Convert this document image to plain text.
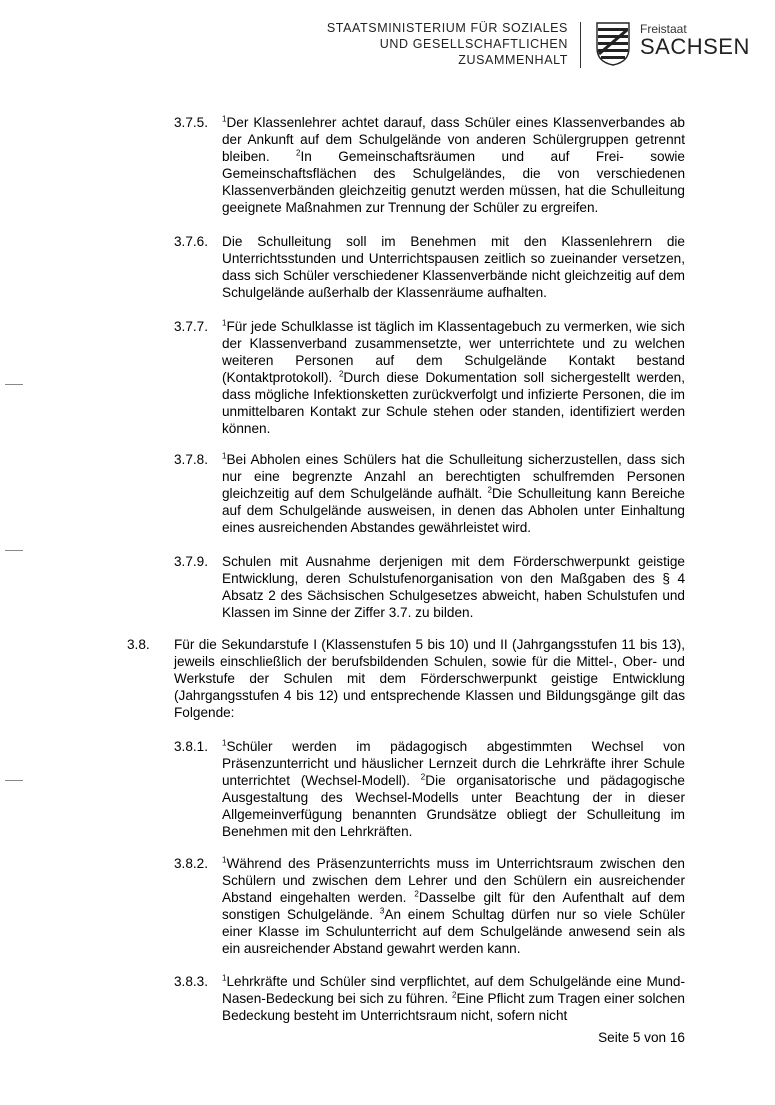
STAATSMINISTERIUM FÜR SOZIALES
UND GESELLSCHAFTLICHEN
ZUSAMMENHALT
Freistaat
SACHSEN
3.7.5. $^1$Der Klassenlehrer achtet darauf, dass Schüler eines Klassenverbandes ab der Ankunft auf dem Schulgelände von anderen Schülergruppen getrennt bleiben. $^2$In Gemeinschaftsräumen und auf Frei- sowie Gemeinschaftsflächen des Schulgeländes, die von verschiedenen Klassenverbänden gleichzeitig genutzt werden müssen, hat die Schulleitung geeignete Maßnahmen zur Trennung der Schüler zu ergreifen.
3.7.6. Die Schulleitung soll im Benehmen mit den Klassenlehrern die Unterrichtsstunden und Unterrichtspausen zeitlich so zueinander versetzen, dass sich Schüler verschiedener Klassenverbände nicht gleichzeitig auf dem Schulgelände außerhalb der Klassenräume aufhalten.
3.7.7. $^1$Für jede Schulklasse ist täglich im Klassentagebuch zu vermerken, wie sich der Klassenverband zusammensetzte, wer unterrichtete und zu welchen weiteren Personen auf dem Schulgelände Kontakt bestand (Kontaktprotokoll). $^2$Durch diese Dokumentation soll sichergestellt werden, dass mögliche Infektionsketten zurückverfolgt und infizierte Personen, die im unmittelbaren Kontakt zur Schule stehen oder standen, identifiziert werden können.
3.7.8. $^1$Bei Abholen eines Schülers hat die Schulleitung sicherzustellen, dass sich nur eine begrenzte Anzahl an berechtigten schulfremden Personen gleichzeitig auf dem Schulgelände aufhält. $^2$Die Schulleitung kann Bereiche auf dem Schulgelände ausweisen, in denen das Abholen unter Einhaltung eines ausreichenden Abstandes gewährleistet wird.
3.7.9. Schulen mit Ausnahme derjenigen mit dem Förderschwerpunkt geistige Entwicklung, deren Schulstufenorganisation von den Maßgaben des § 4 Absatz 2 des Sächsischen Schulgesetzes abweicht, haben Schulstufen und Klassen im Sinne der Ziffer 3.7. zu bilden.
3.8. Für die Sekundarstufe I (Klassenstufen 5 bis 10) und II (Jahrgangsstufen 11 bis 13), jeweils einschließlich der berufsbildenden Schulen, sowie für die Mittel-, Ober- und Werkstufe der Schulen mit dem Förderschwerpunkt geistige Entwicklung (Jahrgangsstufen 4 bis 12) und entsprechende Klassen und Bildungsgänge gilt das Folgende:
3.8.1. $^1$Schüler werden im pädagogisch abgestimmten Wechsel von Präsenzunterricht und häuslicher Lernzeit durch die Lehrkräfte ihrer Schule unterrichtet (Wechsel-Modell). $^2$Die organisatorische und pädagogische Ausgestaltung des Wechsel-Modells unter Beachtung der in dieser Allgemeinverfügung benannten Grundsätze obliegt der Schulleitung im Benehmen mit den Lehrkräften.
3.8.2. $^1$Während des Präsenzunterrichts muss im Unterrichtsraum zwischen den Schülern und zwischen dem Lehrer und den Schülern ein ausreichender Abstand eingehalten werden. $^2$Dasselbe gilt für den Aufenthalt auf dem sonstigen Schulgelände. $^3$An einem Schultag dürfen nur so viele Schüler einer Klasse im Schulunterricht auf dem Schulgelände anwesend sein als ein ausreichender Abstand gewahrt werden kann.
3.8.3. $^1$Lehrkräfte und Schüler sind verpflichtet, auf dem Schulgelände eine Mund-Nasen-Bedeckung bei sich zu führen. $^2$Eine Pflicht zum Tragen einer solchen Bedeckung besteht im Unterrichtsraum nicht, sofern nicht
Seite 5 von 16
